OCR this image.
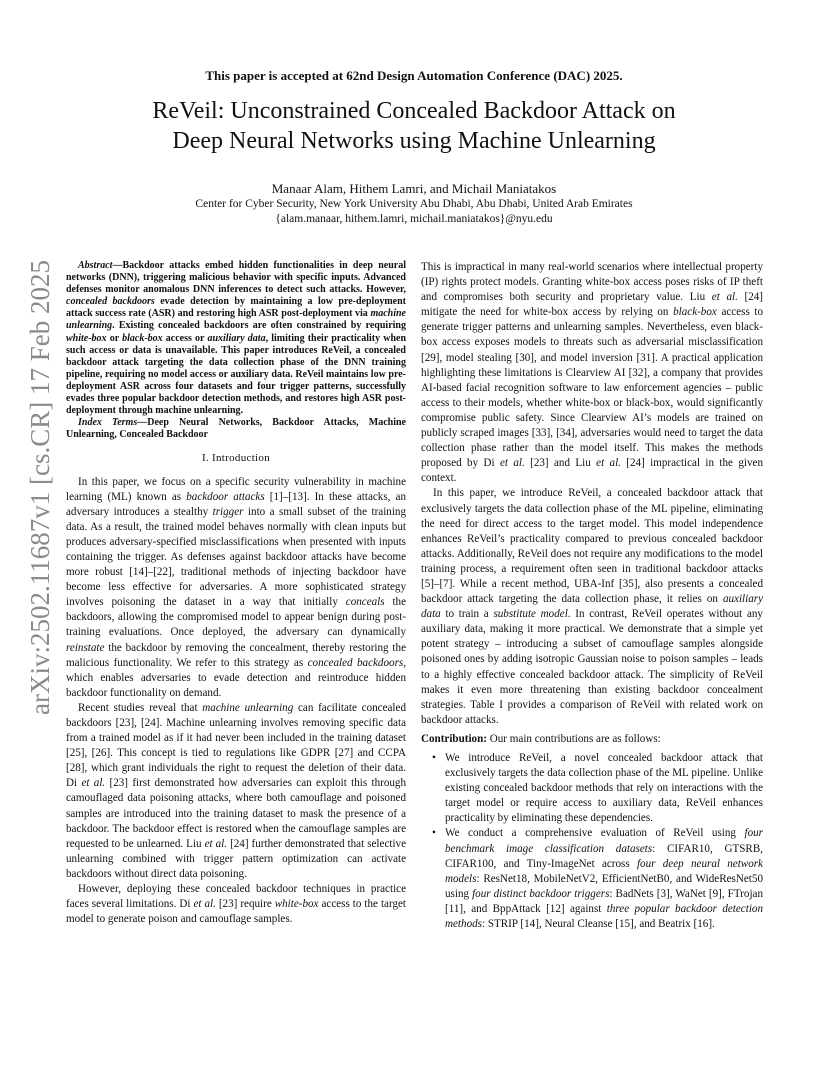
arXiv:2502.11687v1 [cs.CR] 17 Feb 2025
This paper is accepted at 62nd Design Automation Conference (DAC) 2025.
ReVeil: Unconstrained Concealed Backdoor Attack on
Deep Neural Networks using Machine Unlearning
Manaar Alam, Hithem Lamri, and Michail Maniatakos
Center for Cyber Security, New York University Abu Dhabi, Abu Dhabi, United Arab Emirates
{alam.manaar, hithem.lamri, michail.maniatakos}@nyu.edu

Abstract—Backdoor attacks embed hidden functionalities in deep neural networks (DNN), triggering malicious behavior with specific inputs. Advanced defenses monitor anomalous DNN inferences to detect such attacks. However, concealed backdoors evade detection by maintaining a low pre-deployment attack success rate (ASR) and restoring high ASR post-deployment via machine unlearning. Existing concealed backdoors are often constrained by requiring white-box or black-box access or auxiliary data, limiting their practicality when such access or data is unavailable. This paper introduces ReVeil, a concealed backdoor attack targeting the data collection phase of the DNN training pipeline, requiring no model access or auxiliary data. ReVeil maintains low pre-deployment ASR across four datasets and four trigger patterns, successfully evades three popular backdoor detection methods, and restores high ASR post-deployment through machine unlearning.

Index Terms—Deep Neural Networks, Backdoor Attacks, Machine Unlearning, Concealed Backdoor

I. Introduction

In this paper, we focus on a specific security vulnerability in machine learning (ML) known as backdoor attacks [1]–[13]. In these attacks, an adversary introduces a stealthy trigger into a small subset of the training data. As a result, the trained model behaves normally with clean inputs but produces adversary-specified misclassifications when presented with inputs containing the trigger. As defenses against backdoor attacks have become more robust [14]–[22], traditional methods of injecting backdoor have become less effective for adversaries. A more sophisticated strategy involves poisoning the dataset in a way that initially conceals the backdoors, allowing the compromised model to appear benign during post-training evaluations. Once deployed, the adversary can dynamically reinstate the backdoor by removing the concealment, thereby restoring the malicious functionality. We refer to this strategy as concealed backdoors, which enables adversaries to evade detection and reintroduce hidden backdoor functionality on demand.

Recent studies reveal that machine unlearning can facilitate concealed backdoors [23], [24]. Machine unlearning involves removing specific data from a trained model as if it had never been included in the training dataset [25], [26]. This concept is tied to regulations like GDPR [27] and CCPA [28], which grant individuals the right to request the deletion of their data. Di et al. [23] first demonstrated how adversaries can exploit this through camouflaged data poisoning attacks, where both camouflage and poisoned samples are introduced into the training dataset to mask the presence of a backdoor. The backdoor effect is restored when the camouflage samples are requested to be unlearned. Liu et al. [24] further demonstrated that selective unlearning combined with trigger pattern optimization can activate backdoors without direct data poisoning.

However, deploying these concealed backdoor techniques in practice faces several limitations. Di et al. [23] require white-box access to the target model to generate poison and camouflage samples.

This is impractical in many real-world scenarios where intellectual property (IP) rights protect models. Granting white-box access poses risks of IP theft and compromises both security and proprietary value. Liu et al. [24] mitigate the need for white-box access by relying on black-box access to generate trigger patterns and unlearning samples. Nevertheless, even black-box access exposes models to threats such as adversarial misclassification [29], model stealing [30], and model inversion [31]. A practical application highlighting these limitations is Clearview AI [32], a company that provides AI-based facial recognition software to law enforcement agencies – public access to their models, whether white-box or black-box, would significantly compromise public safety. Since Clearview AI’s models are trained on publicly scraped images [33], [34], adversaries would need to target the data collection phase rather than the model itself. This makes the methods proposed by Di et al. [23] and Liu et al. [24] impractical in the given context.

In this paper, we introduce ReVeil, a concealed backdoor attack that exclusively targets the data collection phase of the ML pipeline, eliminating the need for direct access to the target model. This model independence enhances ReVeil’s practicality compared to previous concealed backdoor attacks. Additionally, ReVeil does not require any modifications to the model training process, a requirement often seen in traditional backdoor attacks [5]–[7]. While a recent method, UBA-Inf [35], also presents a concealed backdoor attack targeting the data collection phase, it relies on auxiliary data to train a substitute model. In contrast, ReVeil operates without any auxiliary data, making it more practical. We demonstrate that a simple yet potent strategy – introducing a subset of camouflage samples alongside poisoned ones by adding isotropic Gaussian noise to poison samples – leads to a highly effective concealed backdoor attack. The simplicity of ReVeil makes it even more threatening than existing backdoor concealment strategies. Table I provides a comparison of ReVeil with related work on backdoor attacks.

Contribution: Our main contributions are as follows:

• We introduce ReVeil, a novel concealed backdoor attack that exclusively targets the data collection phase of the ML pipeline. Unlike existing concealed backdoor methods that rely on interactions with the target model or require access to auxiliary data, ReVeil enhances practicality by eliminating these dependencies.
• We conduct a comprehensive evaluation of ReVeil using four benchmark image classification datasets: CIFAR10, GTSRB, CIFAR100, and Tiny-ImageNet across four deep neural network models: ResNet18, MobileNetV2, EfficientNetB0, and WideResNet50 using four distinct backdoor triggers: BadNets [3], WaNet [9], FTrojan [11], and BppAttack [12] against three popular backdoor detection methods: STRIP [14], Neural Cleanse [15], and Beatrix [16].
